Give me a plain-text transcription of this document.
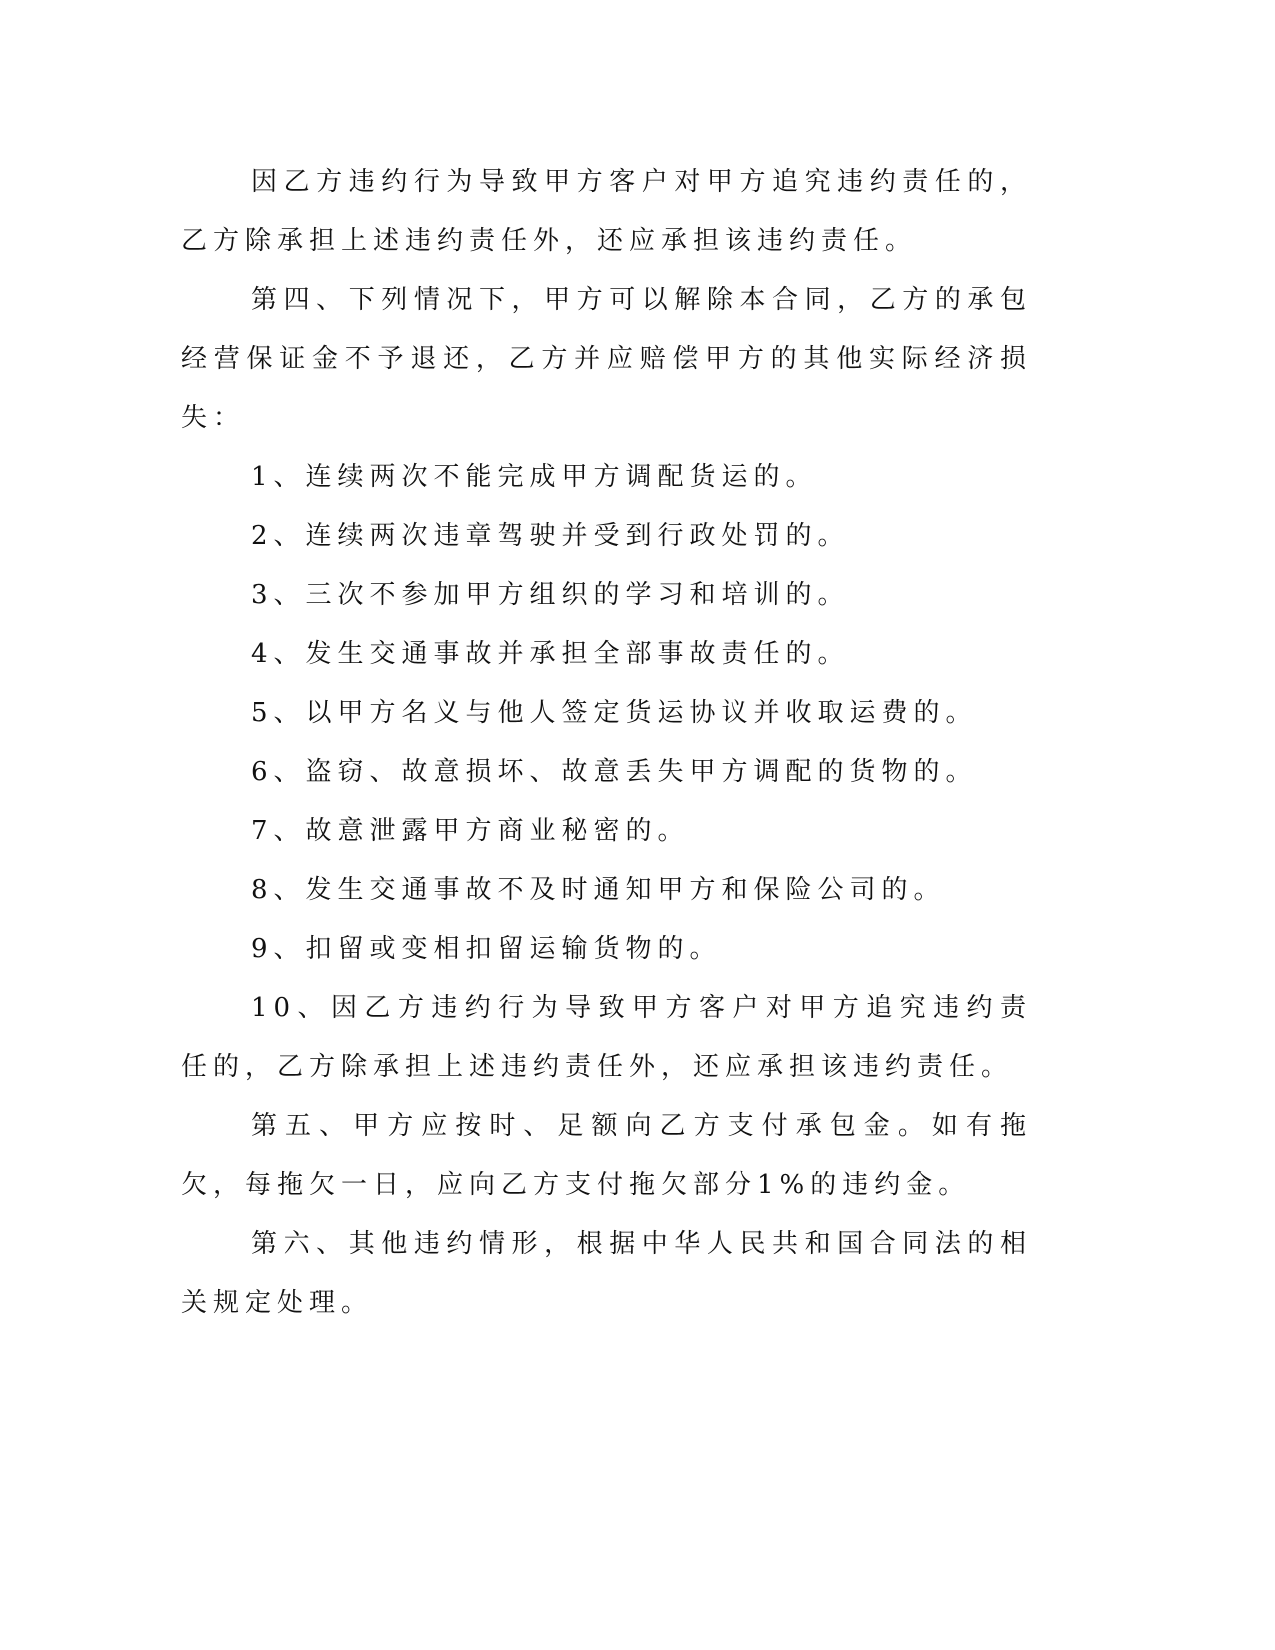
因乙方违约行为导致甲方客户对甲方追究违约责任的，乙方除承担上述违约责任外，还应承担该违约责任。

第四、下列情况下，甲方可以解除本合同，乙方的承包经营保证金不予退还，乙方并应赔偿甲方的其他实际经济损失：

1、连续两次不能完成甲方调配货运的。

2、连续两次违章驾驶并受到行政处罚的。

3、三次不参加甲方组织的学习和培训的。

4、发生交通事故并承担全部事故责任的。

5、以甲方名义与他人签定货运协议并收取运费的。

6、盗窃、故意损坏、故意丢失甲方调配的货物的。

7、故意泄露甲方商业秘密的。

8、发生交通事故不及时通知甲方和保险公司的。

9、扣留或变相扣留运输货物的。

10、因乙方违约行为导致甲方客户对甲方追究违约责任的，乙方除承担上述违约责任外，还应承担该违约责任。

第五、甲方应按时、足额向乙方支付承包金。如有拖欠，每拖欠一日，应向乙方支付拖欠部分1%的违约金。

第六、其他违约情形，根据中华人民共和国合同法的相关规定处理。
